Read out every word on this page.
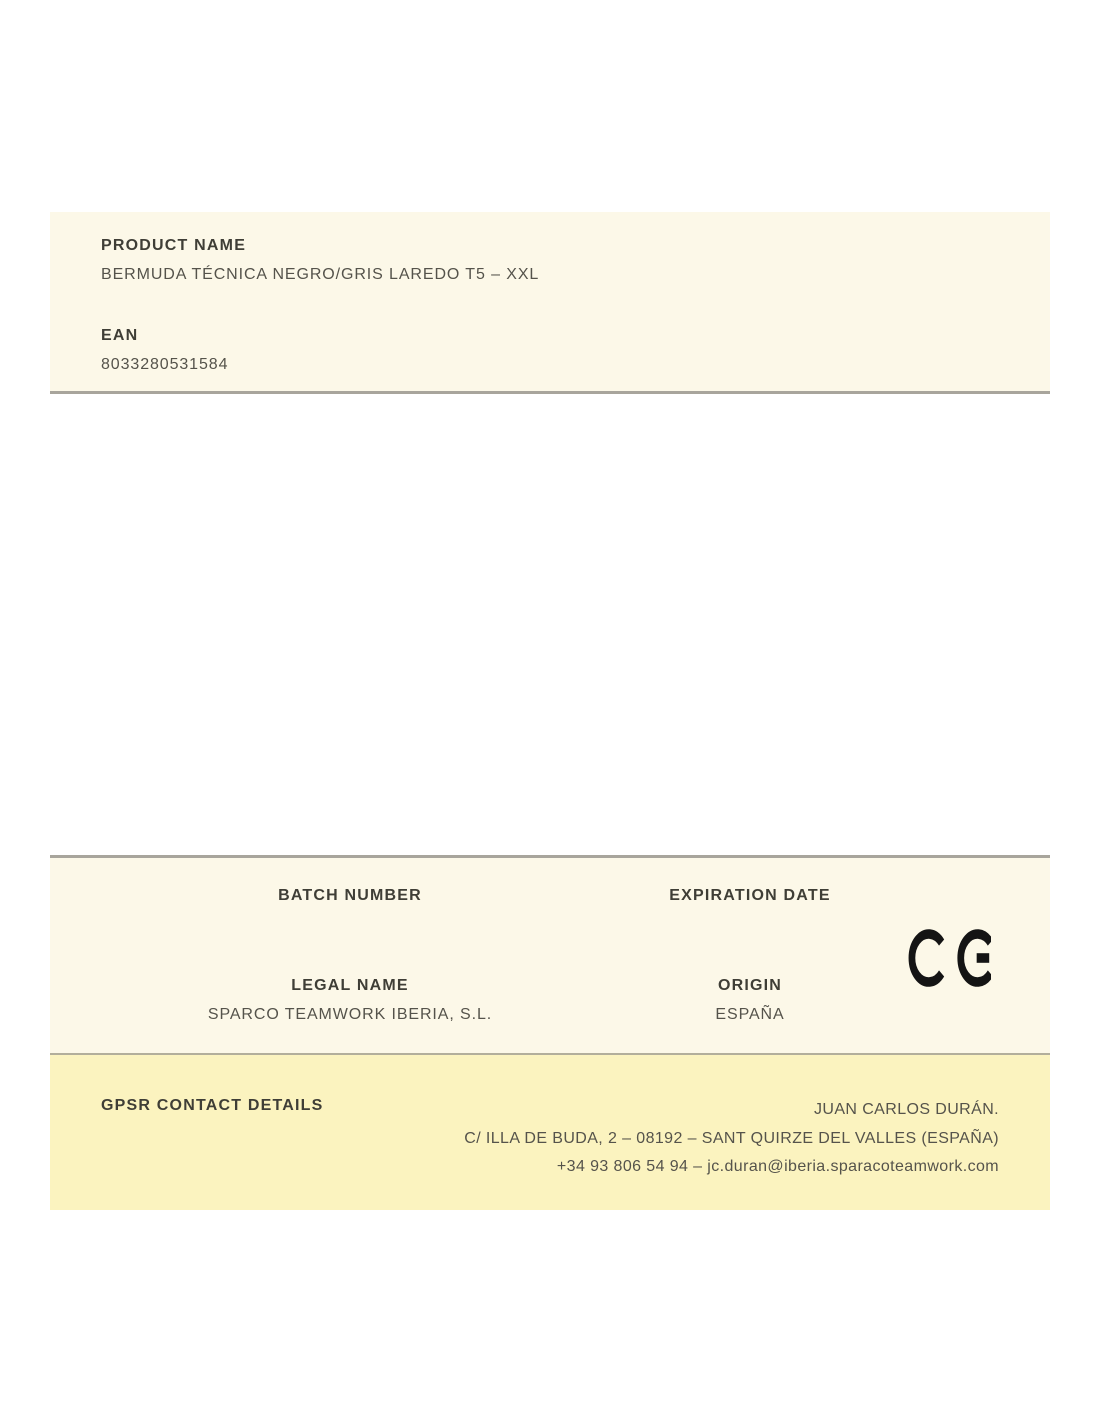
PRODUCT NAME
BERMUDA TÉCNICA NEGRO/GRIS LAREDO T5 – XXL
EAN
8033280531584
BATCH NUMBER	EXPIRATION DATE
LEGAL NAME
SPARCO TEAMWORK IBERIA, S.L.
ORIGIN
ESPAÑA
GPSR CONTACT DETAILS	JUAN CARLOS DURÁN.
C/ ILLA DE BUDA, 2 – 08192 – SANT QUIRZE DEL VALLES (ESPAÑA)
+34 93 806 54 94 – jc.duran@iberia.sparacoteamwork.com
